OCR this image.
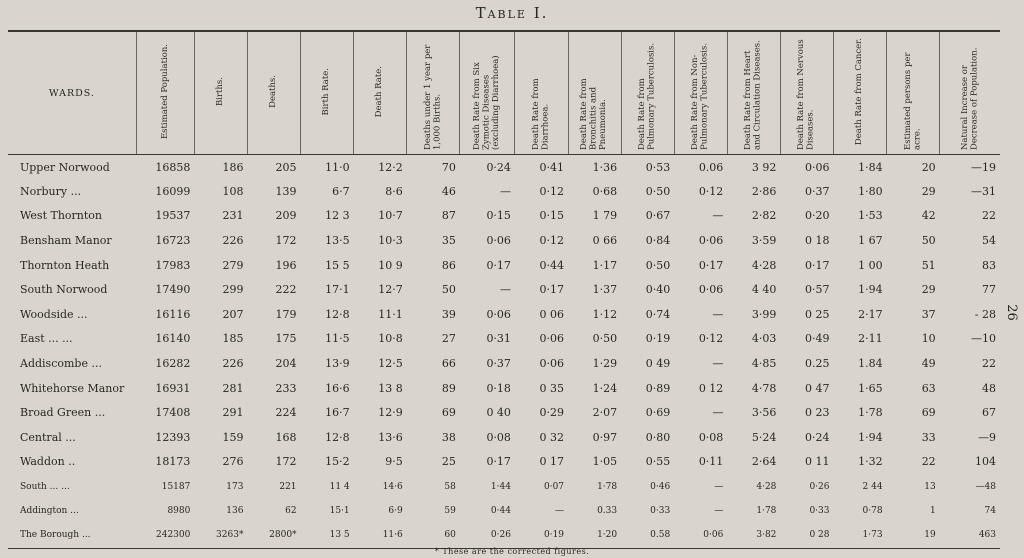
Table I.
WARDS.	Estimated Population.	Births.	Deaths.	Birth Rate.	Death Rate.	Deaths under 1 year per 1,000 Births.	Death Rate from Six Zymotic Diseases (excluding Diarrhoea)	Death Rate from Diarrhoea.	Death Rate from Bronchitis and Pneumonia.	Death Rate from Pulmonary Tuberculosis.	Death Rate from Non-Pulmonary Tuberculosis.	Death Rate from Heart and Circulation Diseases.	Death Rate from Nervous Diseases.	Death Rate from Cancer.	Estimated persons per acre.	Natural Increase or Decrease of Population.
Upper Norwood	16858	186	205	11·0	12·2	70	0·24	0·41	1·36	0·53	0.06	3 92	0·06	1·84	20	—19
Norbury ...	16099	108	139	6·7	8·6	46	—	0·12	0·68	0·50	0·12	2·86	0·37	1·80	29	—31
West Thornton	19537	231	209	12 3	10·7	87	0·15	0·15	1 79	0·67	—	2·82	0·20	1·53	42	22
Bensham Manor	16723	226	172	13·5	10·3	35	0·06	0·12	0 66	0·84	0·06	3·59	0 18	1 67	50	54
Thornton Heath	17983	279	196	15 5	10 9	86	0·17	0·44	1·17	0·50	0·17	4·28	0·17	1 00	51	83
South Norwood	17490	299	222	17·1	12·7	50	—	0·17	1·37	0·40	0·06	4 40	0·57	1·94	29	77
Woodside ...	16116	207	179	12·8	11·1	39	0·06	0 06	1·12	0·74	—	3·99	0 25	2·17	37	- 28
East ... ...	16140	185	175	11·5	10·8	27	0·31	0·06	0·50	0·19	0·12	4·03	0·49	2·11	10	—10
Addiscombe ...	16282	226	204	13·9	12·5	66	0·37	0·06	1·29	0 49	—	4·85	0.25	1.84	49	22
Whitehorse Manor	16931	281	233	16·6	13 8	89	0·18	0 35	1·24	0·89	0 12	4·78	0 47	1·65	63	48
Broad Green ...	17408	291	224	16·7	12·9	69	0 40	0·29	2·07	0·69	—	3·56	0 23	1·78	69	67
Central ...	12393	159	168	12·8	13·6	38	0·08	0 32	0·97	0·80	0·08	5·24	0·24	1·94	33	—9
Waddon ..	18173	276	172	15·2	9·5	25	0·17	0 17	1·05	0·55	0·11	2·64	0 11	1·32	22	104
South ... ...	15187	173	221	11 4	14·6	58	1·44	0·07	1·78	0·46	—	4·28	0·26	2 44	13	—48
Addington ...	8980	136	62	15·1	6·9	59	0·44	—	0.33	0·33	—	1·78	0·33	0·78	1	74
The Borough ...	242300	3263*	2800*	13 5	11·6	60	0·26	0·19	1·20	0.58	0·06	3·82	0 28	1·73	19	463
* These are the corrected figures.
26
